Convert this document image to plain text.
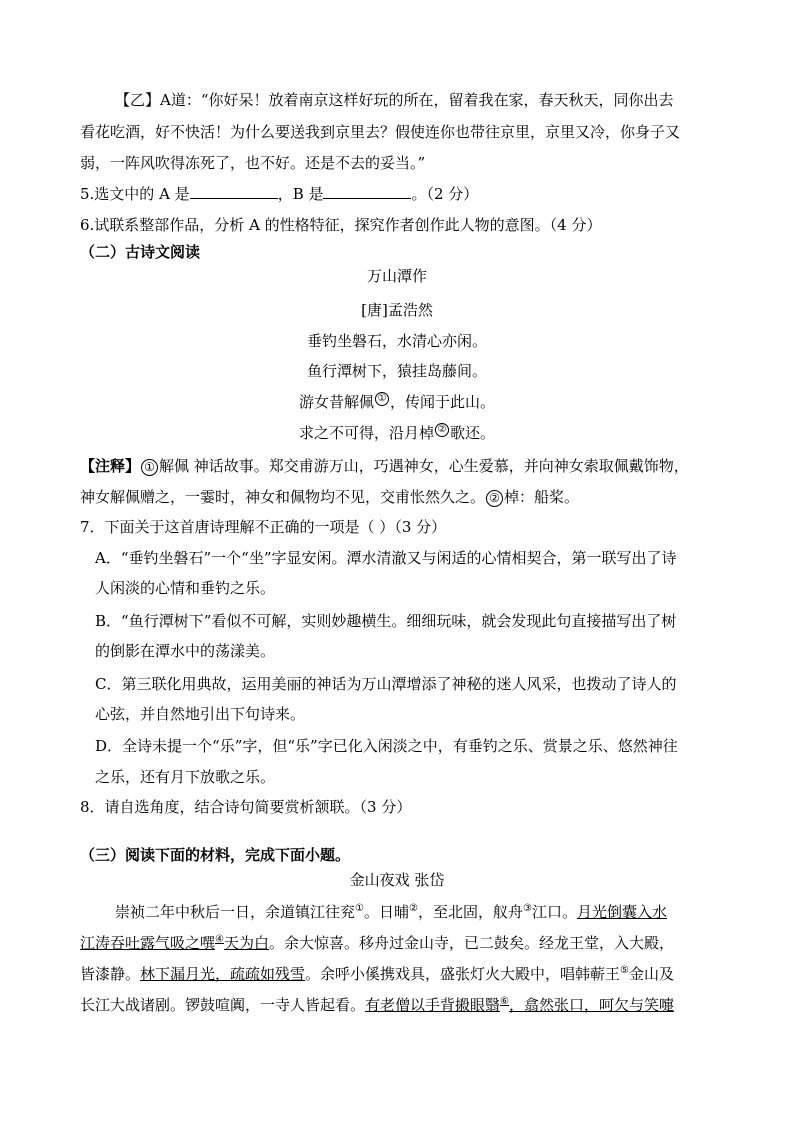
【乙】A道：“你好呆！放着南京这样好玩的所在，留着我在家，春天秋天，同你出去
看花吃酒，好不快活！为什么要送我到京里去？假使连你也带往京里，京里又冷，你身子又
弱，一阵风吹得冻死了，也不好。还是不去的妥当。”
5.选文中的 A 是	，B 是	。（2 分）
6.试联系整部作品，分析 A 的性格特征，探究作者创作此人物的意图。（4 分）
（二）古诗文阅读
万山潭作
[唐]孟浩然
垂钓坐磐石，水清心亦闲。
鱼行潭树下，猿挂岛藤间。
游女昔解佩 ① ，传闻于此山。
求之不可得，沿月棹 ② 歌还。
【注释】 ① 解佩 神话故事。郑交甫游万山，巧遇神女，心生爱慕，并向神女索取佩戴饰物，
神女解佩赠之，一霎时，神女和佩物均不见，交甫怅然久之。 ② 棹：船桨。
7．下面关于这首唐诗理解不正确的一项是（ ）（3 分）
A．“垂钓坐磐石”一个“坐”字显安闲。潭水清澈又与闲适的心情相契合，第一联写出了诗
人闲淡的心情和垂钓之乐。
B．“鱼行潭树下”看似不可解，实则妙趣横生。细细玩味，就会发现此句直接描写出了树
的倒影在潭水中的荡漾美。
C．第三联化用典故，运用美丽的神话为万山潭增添了神秘的迷人风采，也拨动了诗人的
心弦，并自然地引出下句诗来。
D．全诗未提一个“乐”字，但“乐”字已化入闲淡之中，有垂钓之乐、赏景之乐、悠然神往
之乐，还有月下放歌之乐。
8．请自选角度，结合诗句简要赏析颔联。（3 分）
（三）阅读下面的材料，完成下面小题。
金山夜戏 张岱
崇祯二年中秋后一日，余道镇江往兖①。日晡②，至北固，舣舟③江口。月光倒囊入水
江涛吞吐露气吸之噀④天为白。余大惊喜。移舟过金山寺，已二鼓矣。经龙王堂，入大殿，
皆漆静。林下漏月光，疏疏如残雪。余呼小傒携戏具，盛张灯火大殿中，唱韩蕲王⑤金山及
长江大战诸剧。锣鼓喧阗，一寺人皆起看。有老僧以手背摋眼翳⑥，翕然张口，呵欠与笑嚏
